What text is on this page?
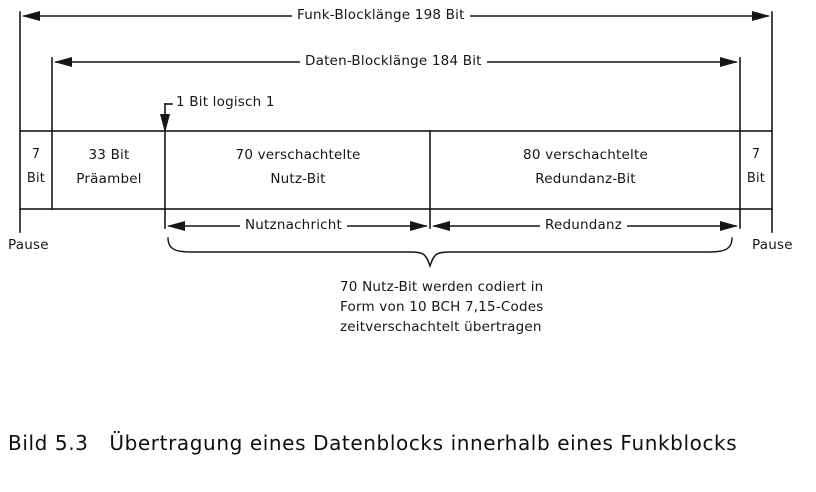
Funk-Blocklänge 198 Bit
Daten-Blocklänge 184 Bit
1 Bit logisch 1
7
Bit
33 Bit
Präambel
70 verschachtelte
Nutz-Bit
80 verschachtelte
Redundanz-Bit
7
Bit
Nutznachricht	Redundanz
Pause	Pause
70 Nutz-Bit werden codiert in
Form von 10 BCH 7,15-Codes
zeitverschachtelt übertragen
Bild 5.3   Übertragung eines Datenblocks innerhalb eines Funkblocks
